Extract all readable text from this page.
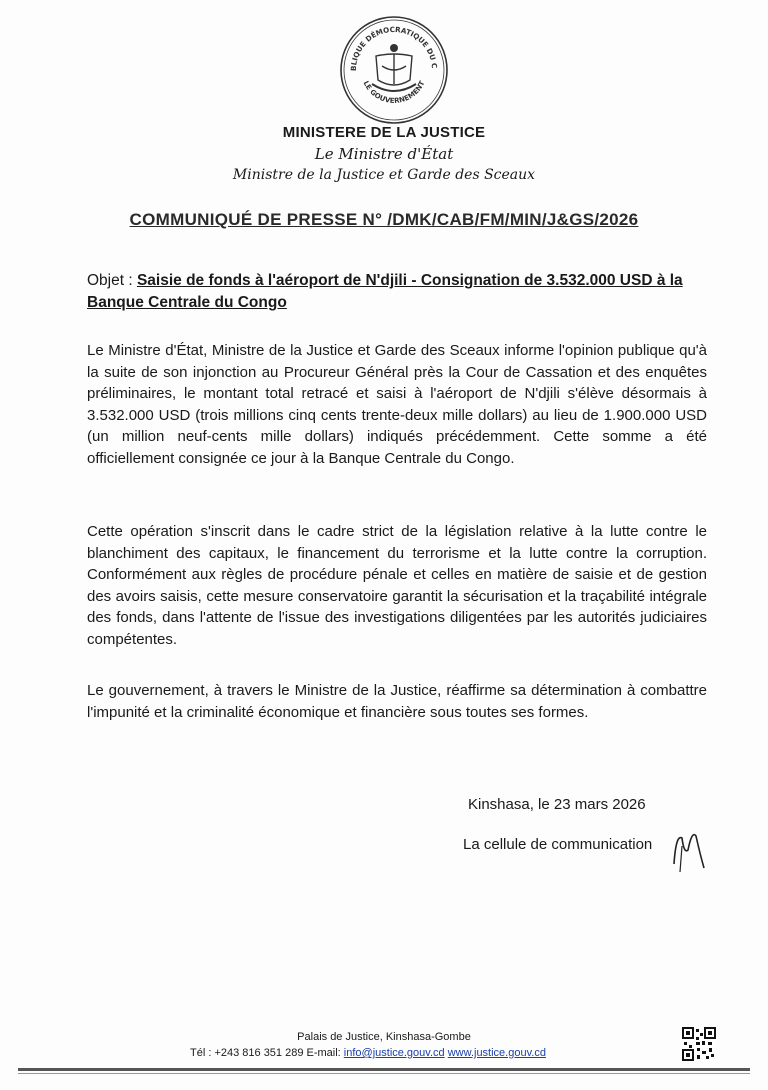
BLIQUE DÉMOCRATIQUE DU C
LE GOUVERNEMENT
MINISTERE DE LA JUSTICE
Le Ministre d'État
Ministre de la Justice et Garde des Sceaux
COMMUNIQUÉ DE PRESSE N° /DMK/CAB/FM/MIN/J&GS/2026
Objet : Saisie de fonds à l'aéroport de N'djili - Consignation de 3.532.000 USD à la Banque Centrale du Congo

Le Ministre d'État, Ministre de la Justice et Garde des Sceaux informe l'opinion publique qu'à la suite de son injonction au Procureur Général près la Cour de Cassation et des enquêtes préliminaires, le montant total retracé et saisi à l'aéroport de N'djili s'élève désormais à 3.532.000 USD (trois millions cinq cents trente-deux mille dollars) au lieu de 1.900.000 USD (un million neuf-cents mille dollars) indiqués précédemment. Cette somme a été officiellement consignée ce jour à la Banque Centrale du Congo.

Cette opération s'inscrit dans le cadre strict de la législation relative à la lutte contre le blanchiment des capitaux, le financement du terrorisme et la lutte contre la corruption. Conformément aux règles de procédure pénale et celles en matière de saisie et de gestion des avoirs saisis, cette mesure conservatoire garantit la sécurisation et la traçabilité intégrale des fonds, dans l'attente de l'issue des investigations diligentées par les autorités judiciaires compétentes.

Le gouvernement, à travers le Ministre de la Justice, réaffirme sa détermination à combattre l'impunité et la criminalité économique et financière sous toutes ses formes.

Kinshasa, le 23 mars 2026
La cellule de communication
Palais de Justice, Kinshasa-Gombe
Tél : +243 816 351 289 E-mail: info@justice.gouv.cd www.justice.gouv.cd
